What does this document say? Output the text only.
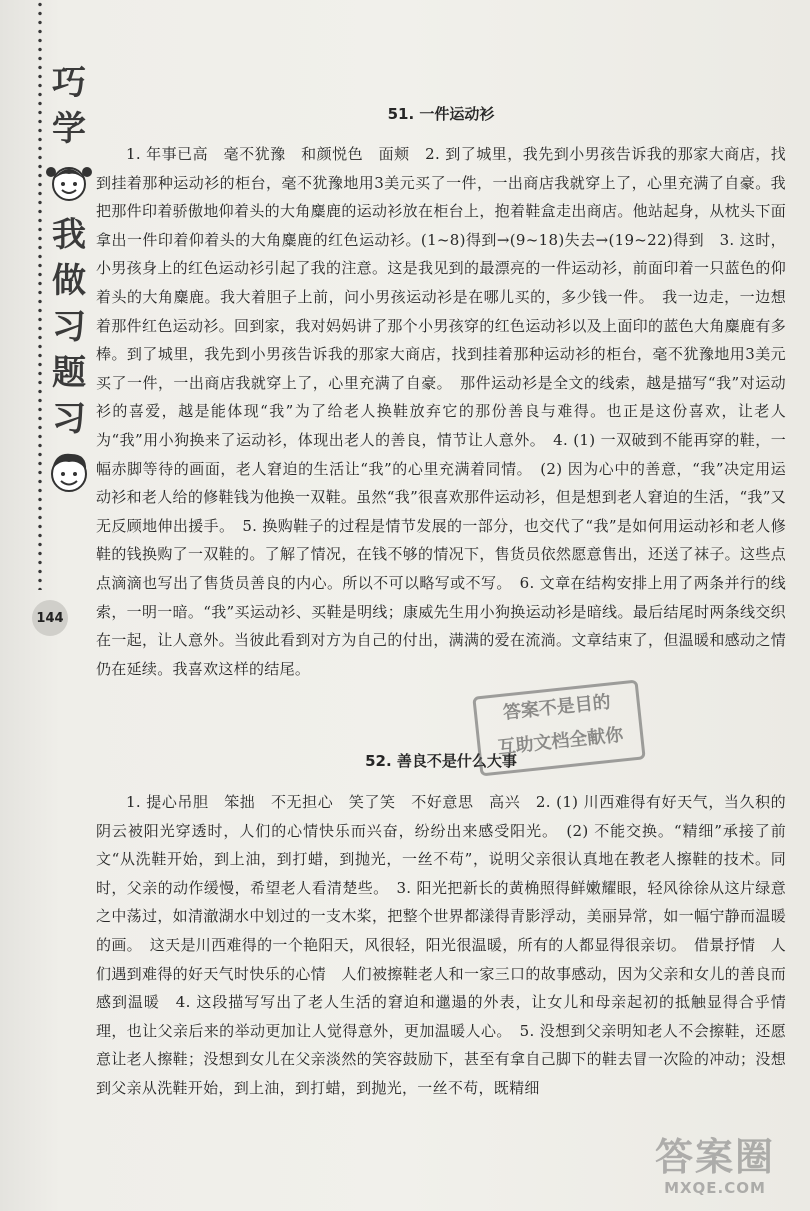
巧
学
我
做
习
题
习
144
51. 一件运动衫

1. 年事已高　毫不犹豫　和颜悦色　面颊　2. 到了城里，我先到小男孩告诉我的那家大商店，找到挂着那种运动衫的柜台，毫不犹豫地用3美元买了一件，一出商店我就穿上了，心里充满了自豪。我把那件印着骄傲地仰着头的大角麋鹿的运动衫放在柜台上，抱着鞋盒走出商店。他站起身，从枕头下面拿出一件印着仰着头的大角麋鹿的红色运动衫。(1~8)得到→(9~18)失去→(19~22)得到　3. 这时，小男孩身上的红色运动衫引起了我的注意。这是我见到的最漂亮的一件运动衫，前面印着一只蓝色的仰着头的大角麋鹿。我大着胆子上前，问小男孩运动衫是在哪儿买的，多少钱一件。　我一边走，一边想着那件红色运动衫。回到家，我对妈妈讲了那个小男孩穿的红色运动衫以及上面印的蓝色大角麋鹿有多棒。到了城里，我先到小男孩告诉我的那家大商店，找到挂着那种运动衫的柜台，毫不犹豫地用3美元买了一件，一出商店我就穿上了，心里充满了自豪。　那件运动衫是全文的线索，越是描写“我”对运动衫的喜爱，越是能体现“我”为了给老人换鞋放弃它的那份善良与难得。也正是这份喜欢，让老人为“我”用小狗换来了运动衫，体现出老人的善良，情节让人意外。　4. (1) 一双破到不能再穿的鞋，一幅赤脚等待的画面，老人窘迫的生活让“我”的心里充满着同情。　(2) 因为心中的善意，“我”决定用运动衫和老人给的修鞋钱为他换一双鞋。虽然“我”很喜欢那件运动衫，但是想到老人窘迫的生活，“我”又无反顾地伸出援手。　5. 换购鞋子的过程是情节发展的一部分，也交代了“我”是如何用运动衫和老人修鞋的钱换购了一双鞋的。了解了情况，在钱不够的情况下，售货员依然愿意售出，还送了袜子。这些点点滴滴也写出了售货员善良的内心。所以不可以略写或不写。　6. 文章在结构安排上用了两条并行的线索，一明一暗。“我”买运动衫、买鞋是明线；康威先生用小狗换运动衫是暗线。最后结尾时两条线交织在一起，让人意外。当彼此看到对方为自己的付出，满满的爱在流淌。文章结束了，但温暖和感动之情仍在延续。我喜欢这样的结尾。

52. 善良不是什么大事

1. 提心吊胆　笨拙　不无担心　笑了笑　不好意思　高兴　2. (1) 川西难得有好天气，当久积的阴云被阳光穿透时，人们的心情快乐而兴奋，纷纷出来感受阳光。　(2) 不能交换。“精细”承接了前文“从洗鞋开始，到上油，到打蜡，到抛光，一丝不苟”，说明父亲很认真地在教老人擦鞋的技术。同时，父亲的动作缓慢，希望老人看清楚些。　3. 阳光把新长的黄桷照得鲜嫩耀眼，轻风徐徐从这片绿意之中荡过，如清澈湖水中划过的一支木桨，把整个世界都漾得青影浮动，美丽异常，如一幅宁静而温暖的画。　这天是川西难得的一个艳阳天，风很轻，阳光很温暖，所有的人都显得很亲切。　借景抒情　人们遇到难得的好天气时快乐的心情　人们被擦鞋老人和一家三口的故事感动，因为父亲和女儿的善良而感到温暖　4. 这段描写写出了老人生活的窘迫和邋遢的外表，让女儿和母亲起初的抵触显得合乎情理，也让父亲后来的举动更加让人觉得意外，更加温暖人心。　5. 没想到父亲明知老人不会擦鞋，还愿意让老人擦鞋；没想到女儿在父亲淡然的笑容鼓励下，甚至有拿自己脚下的鞋去冒一次险的冲动；没想到父亲从洗鞋开始，到上油，到打蜡，到抛光，一丝不苟，既精细

答案不是目的
互助文档全献你
答案圈
MXQE.COM
